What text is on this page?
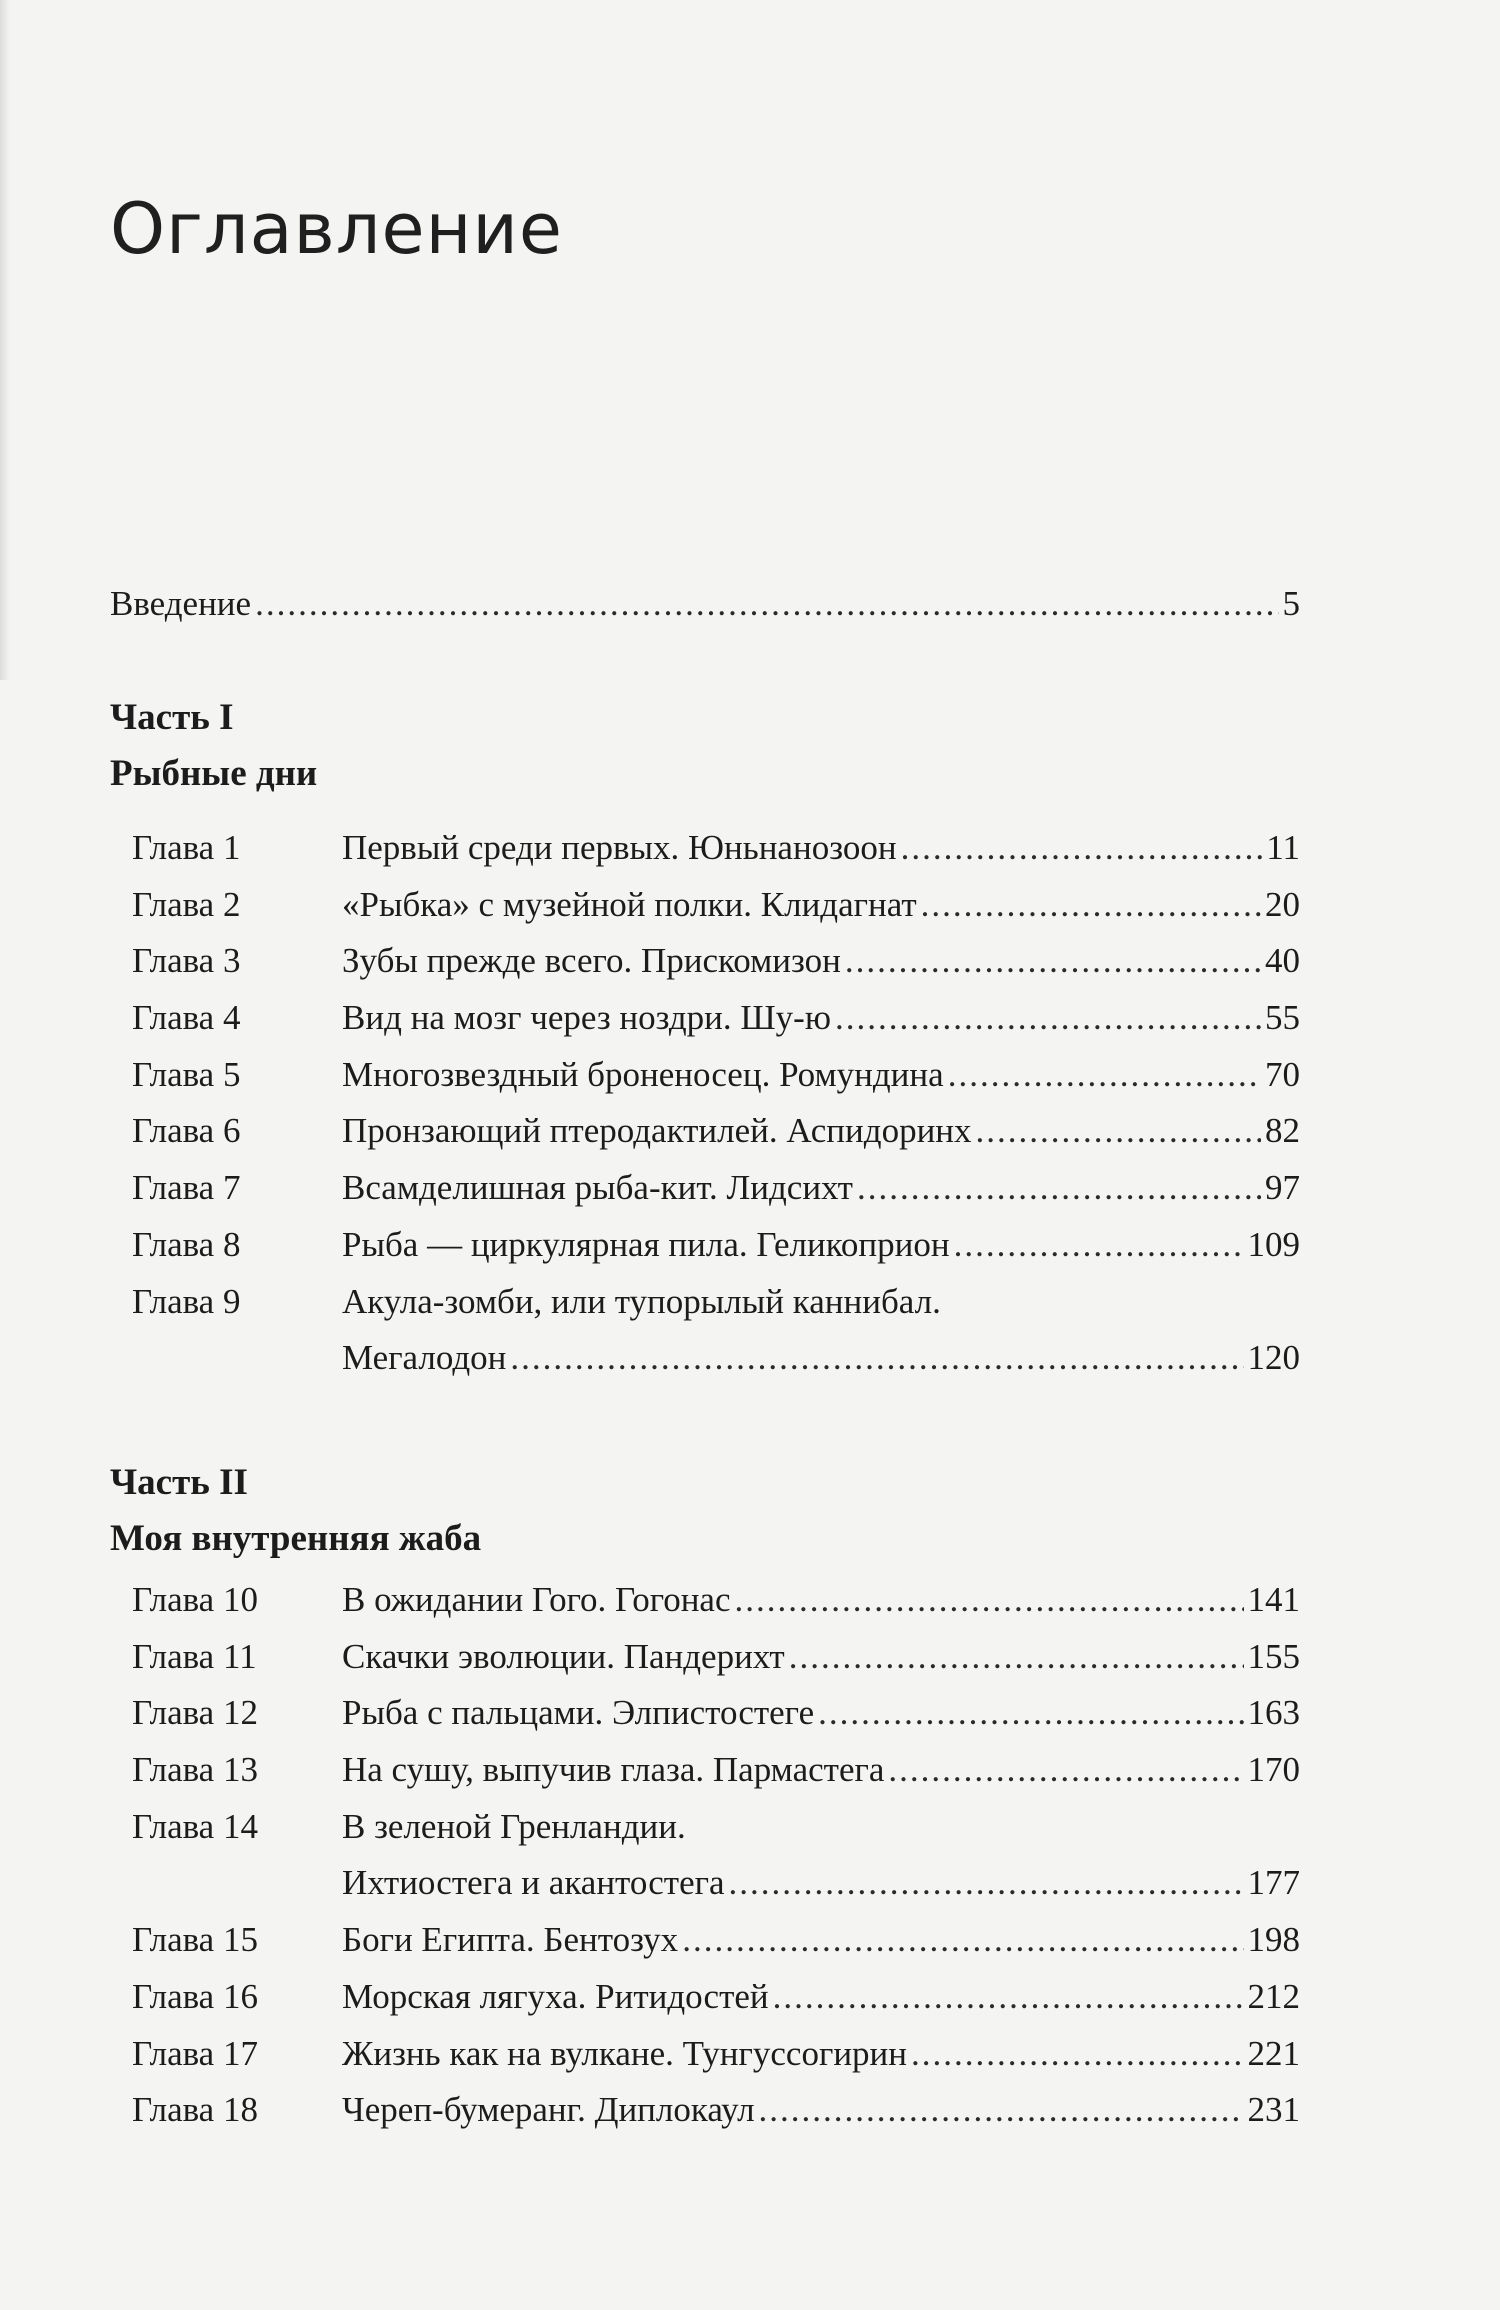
Оглавление
Введение .....	5
Часть I
Рыбные дни
Глава 1	Первый среди первых. Юньнанозоон .....	11
Глава 2	«Рыбка» с музейной полки. Клидагнат .....	20
Глава 3	Зубы прежде всего. Прискомизон .....	40
Глава 4	Вид на мозг через ноздри. Шу-ю .....	55
Глава 5	Многозвездный броненосец. Ромундина .....	70
Глава 6	Пронзающий птеродактилей. Аспидоринх .....	82
Глава 7	Всамделишная рыба-кит. Лидсихт .....	97
Глава 8	Рыба — циркулярная пила. Геликоприон .....	109
Глава 9	Акула-зомби, или тупорылый каннибал.
Мегалодон .....	120
Часть II
Моя внутренняя жаба
Глава 10	В ожидании Гого. Гогонас .....	141
Глава 11	Скачки эволюции. Пандерихт .....	155
Глава 12	Рыба с пальцами. Элпистостеге .....	163
Глава 13	На сушу, выпучив глаза. Пармастега .....	170
Глава 14	В зеленой Гренландии.
Ихтиостега и акантостега .....	177
Глава 15	Боги Египта. Бентозух .....	198
Глава 16	Морская лягуха. Ритидостей .....	212
Глава 17	Жизнь как на вулкане. Тунгуссогирин .....	221
Глава 18	Череп-бумеранг. Диплокаул .....	231
